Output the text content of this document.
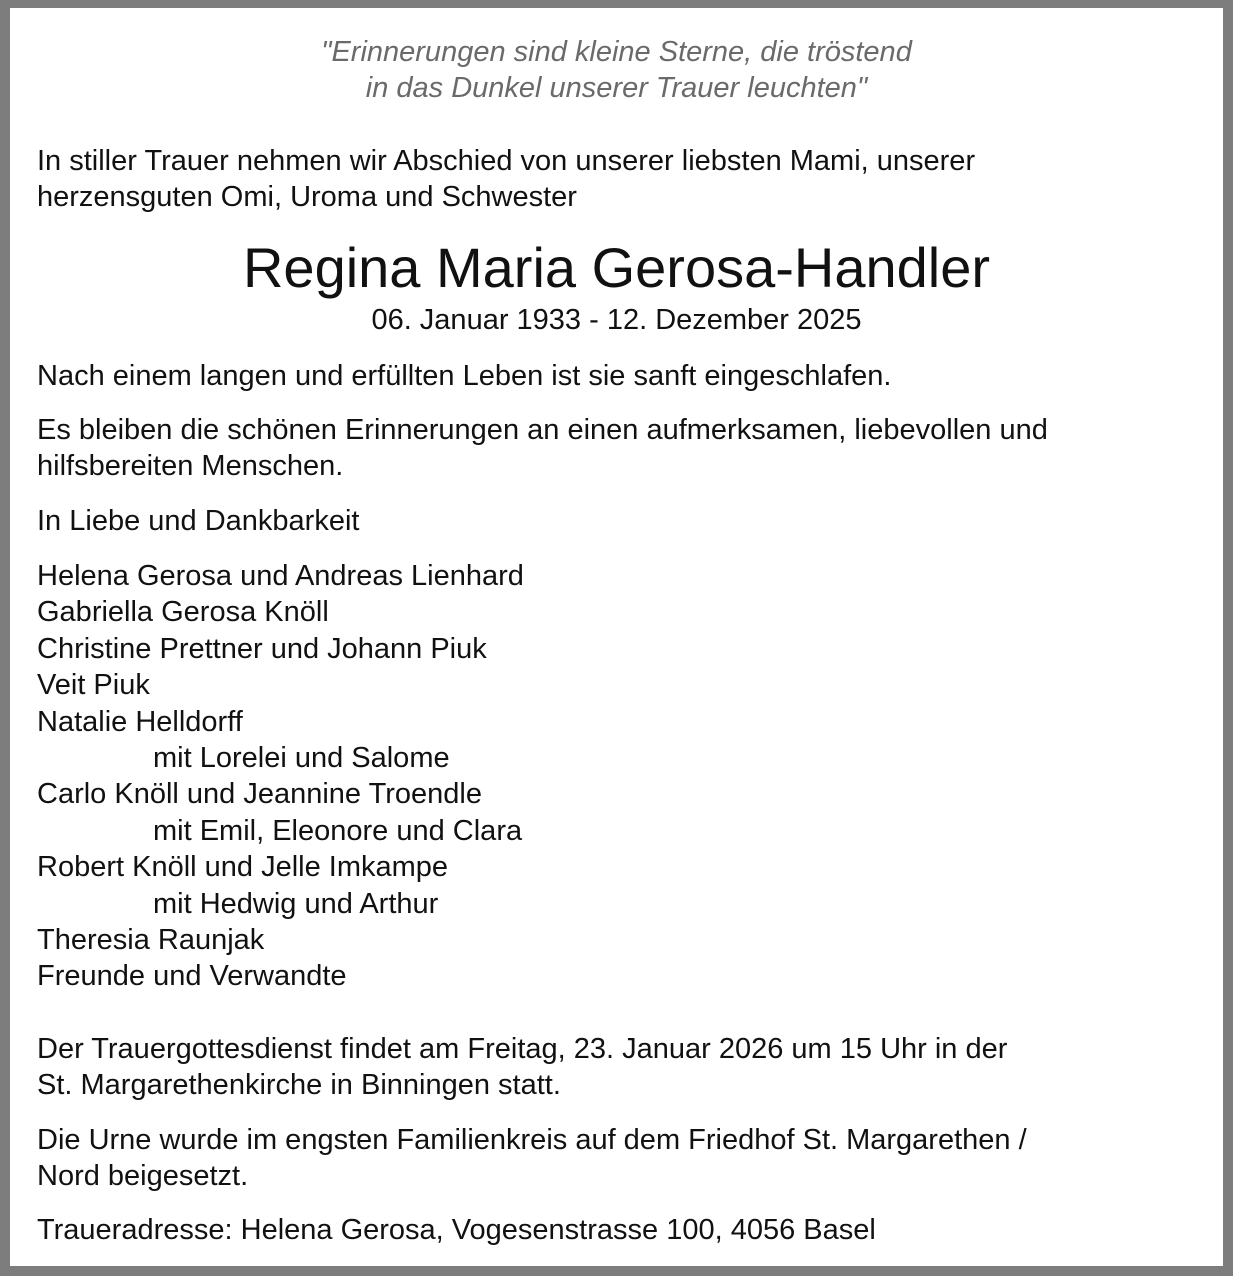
"Erinnerungen sind kleine Sterne, die tröstend
in das Dunkel unserer Trauer leuchten"
In stiller Trauer nehmen wir Abschied von unserer liebsten Mami, unserer
herzensguten Omi, Uroma und Schwester
Regina Maria Gerosa-Handler
06. Januar 1933 - 12. Dezember 2025
Nach einem langen und erfüllten Leben ist sie sanft eingeschlafen.
Es bleiben die schönen Erinnerungen an einen aufmerksamen, liebevollen und
hilfsbereiten Menschen.
In Liebe und Dankbarkeit
Helena Gerosa und Andreas Lienhard
Gabriella Gerosa Knöll
Christine Prettner und Johann Piuk
Veit Piuk
Natalie Helldorff
mit Lorelei und Salome
Carlo Knöll und Jeannine Troendle
mit Emil, Eleonore und Clara
Robert Knöll und Jelle Imkampe
mit Hedwig und Arthur
Theresia Raunjak
Freunde und Verwandte
Der Trauergottesdienst findet am Freitag, 23. Januar 2026 um 15 Uhr in der
St. Margarethenkirche in Binningen statt.
Die Urne wurde im engsten Familienkreis auf dem Friedhof St. Margarethen /
Nord beigesetzt.
Traueradresse: Helena Gerosa, Vogesenstrasse 100, 4056 Basel
